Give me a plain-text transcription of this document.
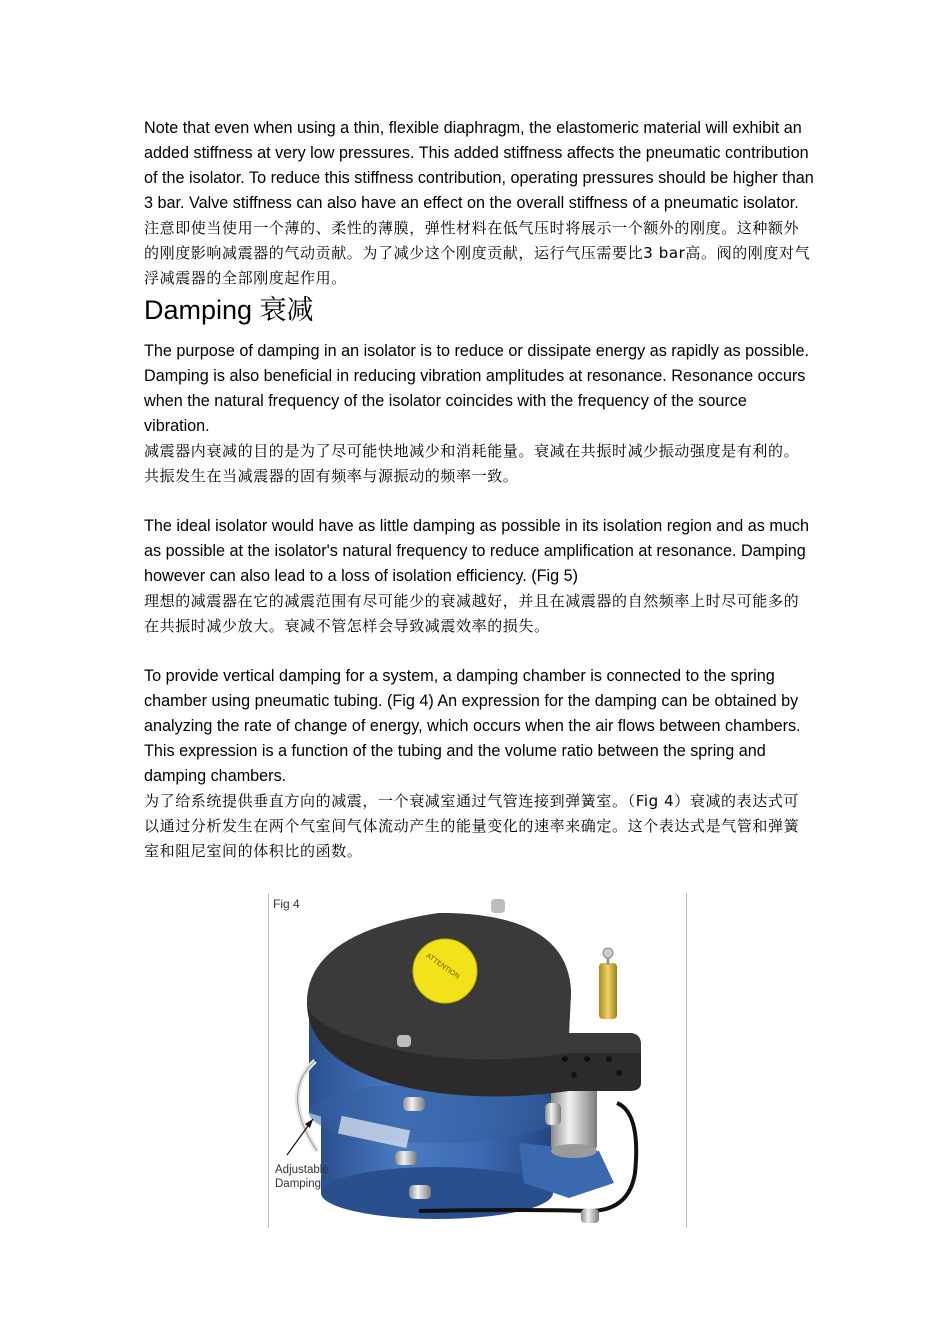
Note that even when using a thin, flexible diaphragm, the elastomeric material will exhibit an added stiffness at very low pressures. This added stiffness affects the pneumatic contribution of the isolator. To reduce this stiffness contribution, operating pressures should be higher than 3 bar. Valve stiffness can also have an effect on the overall stiffness of a pneumatic isolator.

注意即使当使用一个薄的、柔性的薄膜，弹性材料在低气压时将展示一个额外的刚度。这种额外的刚度影响减震器的气动贡献。为了减少这个刚度贡献，运行气压需要比3 bar高。阀的刚度对气浮减震器的全部刚度起作用。

Damping 衰减

The purpose of damping in an isolator is to reduce or dissipate energy as rapidly as possible. Damping is also beneficial in reducing vibration amplitudes at resonance. Resonance occurs when the natural frequency of the isolator coincides with the frequency of the source vibration.

减震器内衰减的目的是为了尽可能快地减少和消耗能量。衰减在共振时减少振动强度是有利的。共振发生在当减震器的固有频率与源振动的频率一致。

The ideal isolator would have as little damping as possible in its isolation region and as much as possible at the isolator's natural frequency to reduce amplification at resonance. Damping however can also lead to a loss of isolation efficiency. (Fig 5)

理想的减震器在它的减震范围有尽可能少的衰减越好，并且在减震器的自然频率上时尽可能多的在共振时减少放大。衰减不管怎样会导致减震效率的损失。

To provide vertical damping for a system, a damping chamber is connected to the spring chamber using pneumatic tubing. (Fig 4) An expression for the damping can be obtained by analyzing the rate of change of energy, which occurs when the air flows between chambers. This expression is a function of the tubing and the volume ratio between the spring and damping chambers.

为了给系统提供垂直方向的减震，一个衰减室通过气管连接到弹簧室。（Fig 4）衰减的表达式可以通过分析发生在两个气室间气体流动产生的能量变化的速率来确定。这个表达式是气管和弹簧室和阻尼室间的体积比的函数。

Fig 4
ATTENTION
Adjustable
Damping
